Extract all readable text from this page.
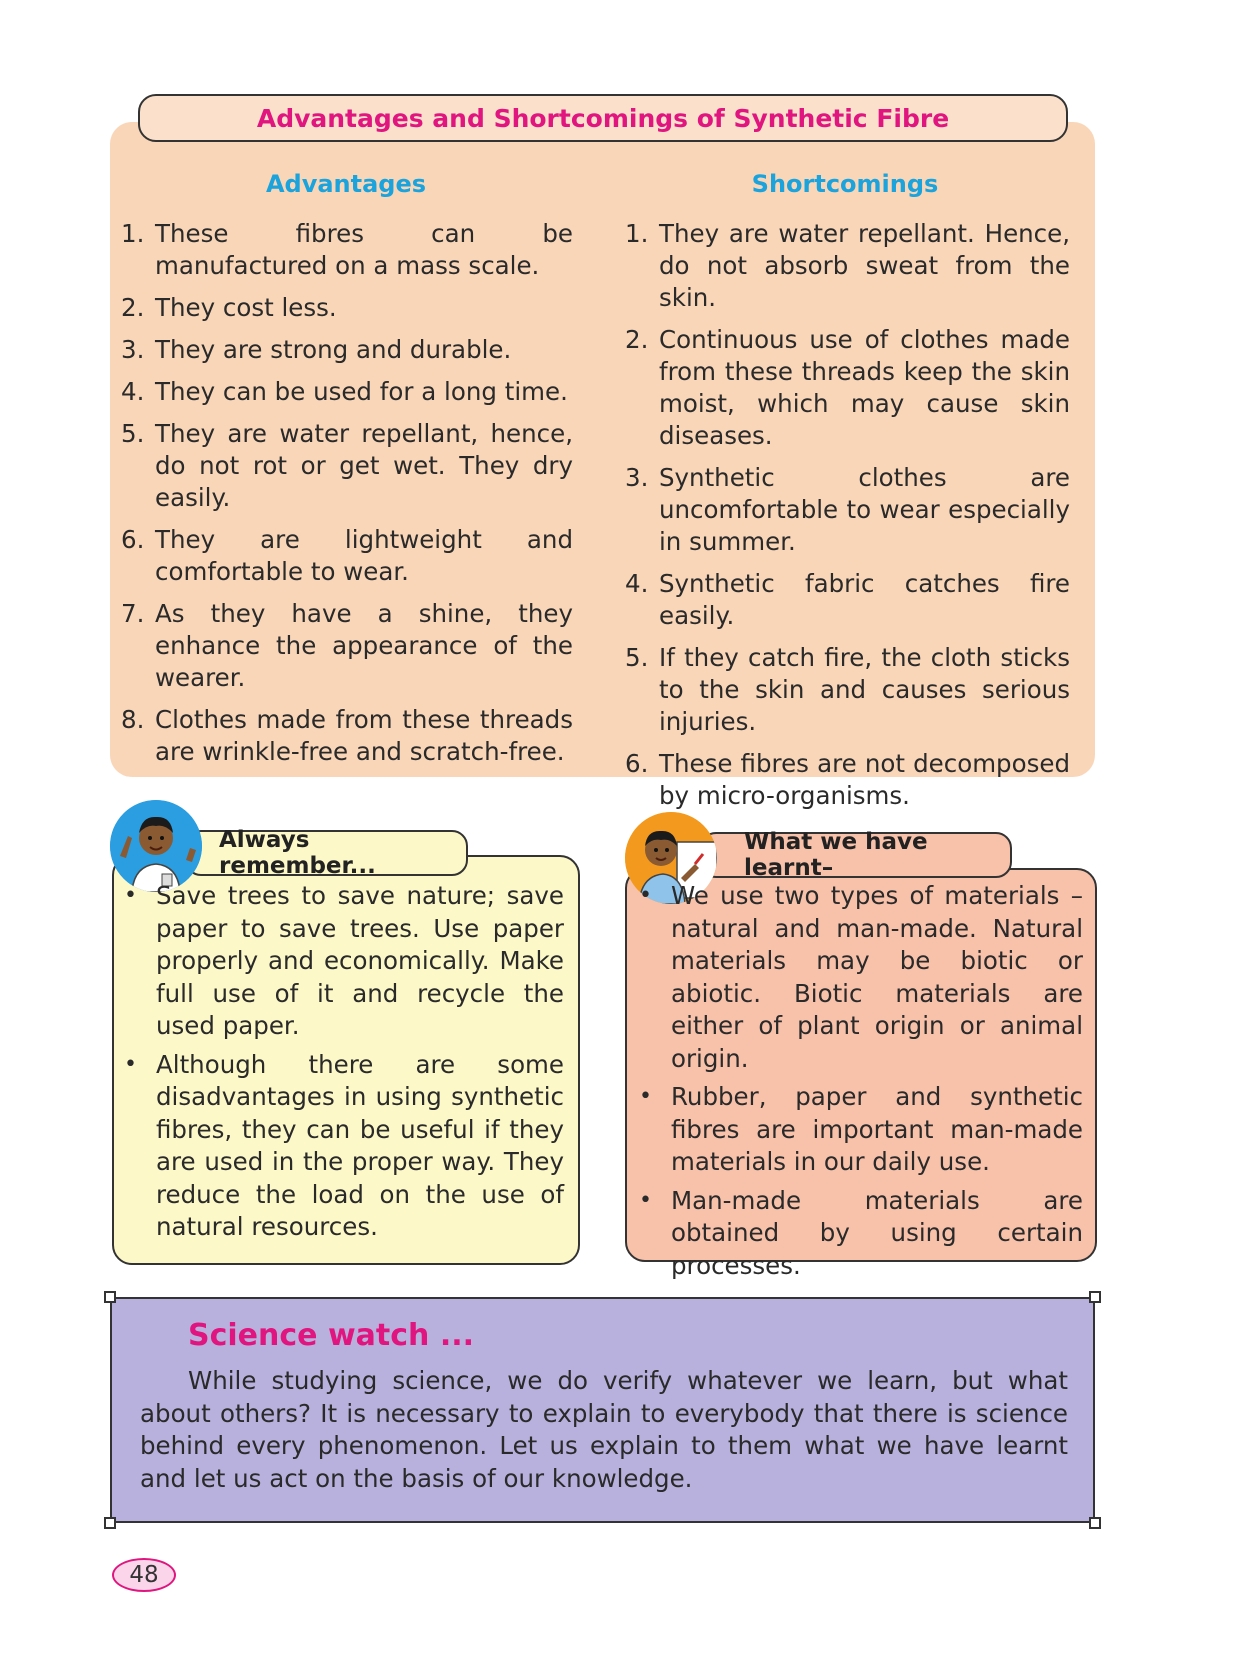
Advantages and Shortcomings of Synthetic Fibre
Advantages	Shortcomings
1. These fibres can be manufactured on a mass scale.
2. They cost less.
3. They are strong and durable.
4. They can be used for a long time.
5. They are water repellant, hence, do not rot or get wet. They dry easily.
6. They are lightweight and comfortable to wear.
7. As they have a shine, they enhance the appearance of the wearer.
8. Clothes made from these threads are wrinkle-free and scratch-free.
1. They are water repellant. Hence, do not absorb sweat from the skin.
2. Continuous use of clothes made from these threads keep the skin moist, which may cause skin diseases.
3. Synthetic clothes are uncomfortable to wear especially in summer.
4. Synthetic fabric catches fire easily.
5. If they catch fire, the cloth sticks to the skin and causes serious injuries.
6. These fibres are not decomposed by micro-organisms.
Always remember...
• Save trees to save nature; save paper to save trees. Use paper properly and economically. Make full use of it and recycle the used paper.
• Although there are some disadvantages in using synthetic fibres, they can be useful if they are used in the proper way. They reduce the load on the use of natural resources.
What we have learnt–
• We use two types of materials – natural and man-made. Natural materials may be biotic or abiotic. Biotic materials are either of plant origin or animal origin.
• Rubber, paper and synthetic fibres are important man-made materials in our daily use.
• Man-made materials are obtained by using certain processes.
Science watch ...
While studying science, we do verify whatever we learn, but what about others? It is necessary to explain to everybody that there is science behind every phenomenon. Let us explain to them what we have learnt and let us act on the basis of our knowledge.
48
